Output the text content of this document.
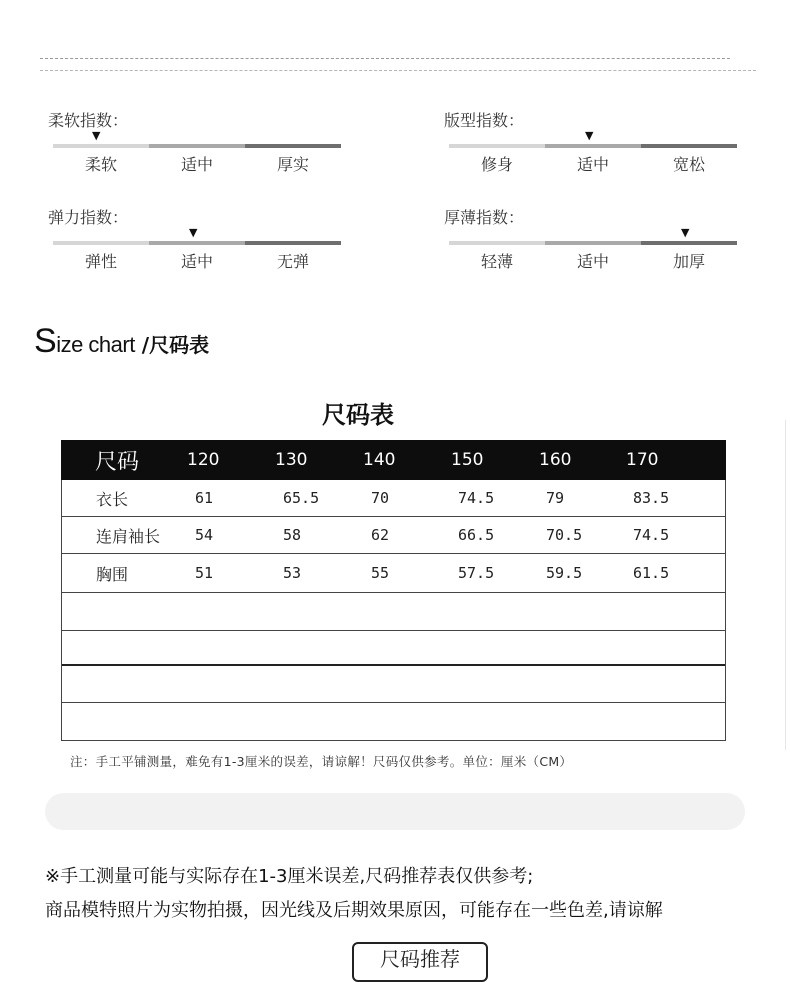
柔软指数：
▼
柔软	适中	厚实
版型指数：
▼
修身	适中	宽松
弹力指数：
▼
弹性	适中	无弹
厚薄指数：
▼
轻薄	适中	加厚
Size chart /尺码表
尺码表
尺码	120	130	140	150	160	170
衣长	61	65.5	70	74.5	79	83.5
连肩袖长 54	58	62	66.5	70.5	74.5
胸围	51	53	55	57.5	59.5	61.5
注：手工平铺测量，难免有1-3厘米的误差，请谅解！尺码仅供参考。单位：厘米（CM）
※手工测量可能与实际存在1-3厘米误差,尺码推荐表仅供参考;
商品模特照片为实物拍摄，因光线及后期效果原因，可能存在一些色差,请谅解
尺码推荐
